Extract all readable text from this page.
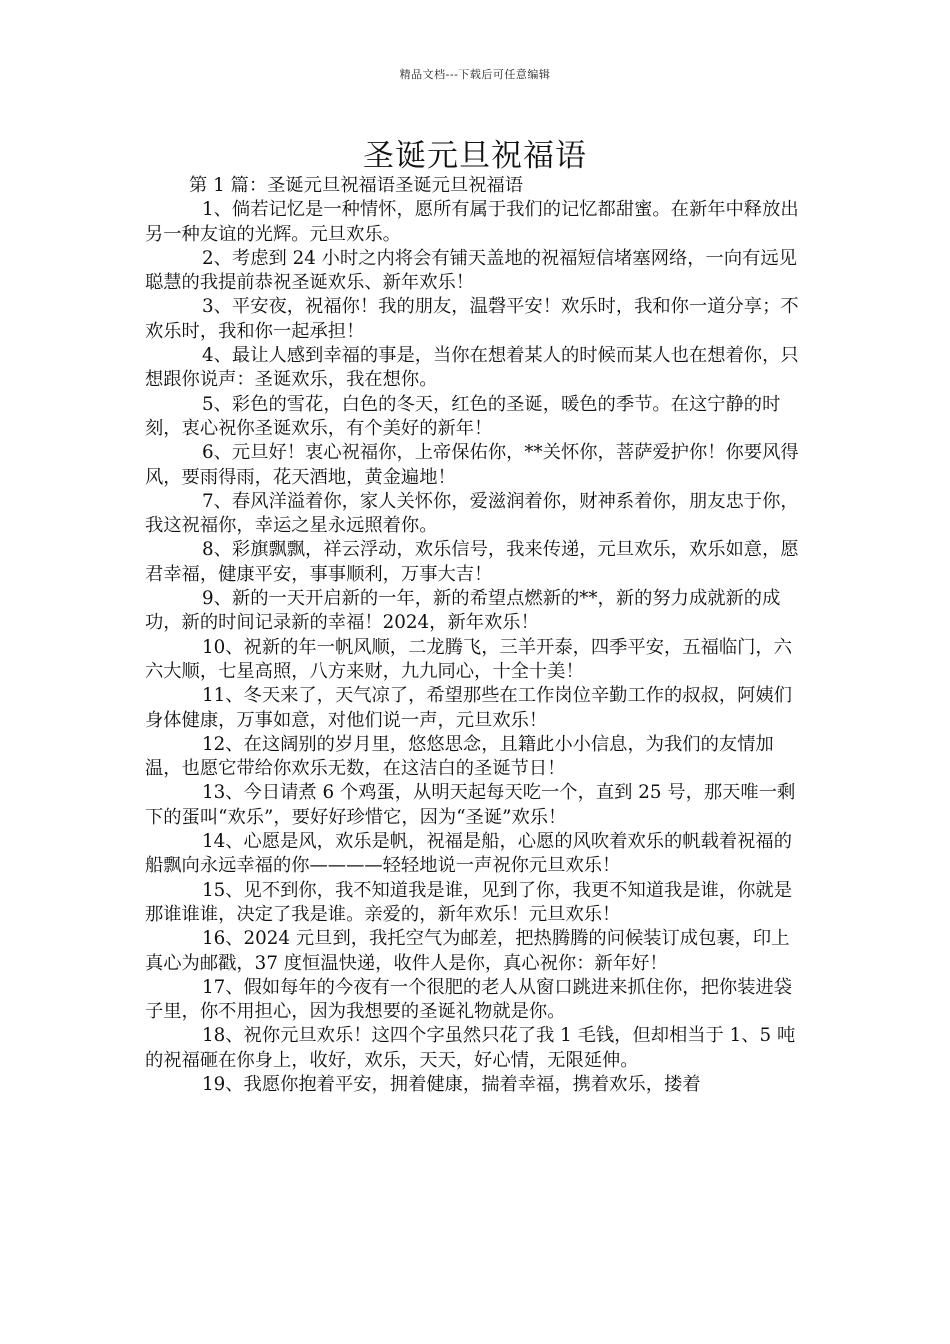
精品文档---下载后可任意编辑
圣诞元旦祝福语

第 1 篇：圣诞元旦祝福语圣诞元旦祝福语

1、倘若记忆是一种情怀，愿所有属于我们的记忆都甜蜜。在新年中释放出另一种友谊的光辉。元旦欢乐。

2、考虑到 24 小时之内将会有铺天盖地的祝福短信堵塞网络，一向有远见聪慧的我提前恭祝圣诞欢乐、新年欢乐！

3、平安夜，祝福你！我的朋友，温磬平安！欢乐时，我和你一道分享；不欢乐时，我和你一起承担！

4、最让人感到幸福的事是，当你在想着某人的时候而某人也在想着你，只想跟你说声：圣诞欢乐，我在想你。

5、彩色的雪花，白色的冬天，红色的圣诞，暖色的季节。在这宁静的时刻，衷心祝你圣诞欢乐，有个美好的新年！

6、元旦好！衷心祝福你，上帝保佑你，**关怀你，菩萨爱护你！你要风得风，要雨得雨，花天酒地，黄金遍地！

7、春风洋溢着你，家人关怀你，爱滋润着你，财神系着你，朋友忠于你，我这祝福你，幸运之星永远照着你。

8、彩旗飘飘，祥云浮动，欢乐信号，我来传递，元旦欢乐，欢乐如意，愿君幸福，健康平安，事事顺利，万事大吉！

9、新的一天开启新的一年，新的希望点燃新的**，新的努力成就新的成功，新的时间记录新的幸福！2024，新年欢乐！

10、祝新的年一帆风顺，二龙腾飞，三羊开泰，四季平安，五福临门，六六大顺，七星高照，八方来财，九九同心，十全十美！

11、冬天来了，天气凉了，希望那些在工作岗位辛勤工作的叔叔，阿姨们身体健康，万事如意，对他们说一声，元旦欢乐！

12、在这阔别的岁月里，悠悠思念，且籍此小小信息，为我们的友情加温，也愿它带给你欢乐无数，在这洁白的圣诞节日！

13、今日请煮 6 个鸡蛋，从明天起每天吃一个，直到 25 号，那天唯一剩下的蛋叫“欢乐”，要好好珍惜它，因为“圣诞”欢乐！

14、心愿是风，欢乐是帆，祝福是船，心愿的风吹着欢乐的帆载着祝福的船飘向永远幸福的你————轻轻地说一声祝你元旦欢乐！

15、见不到你，我不知道我是谁，见到了你，我更不知道我是谁，你就是那谁谁谁，决定了我是谁。亲爱的，新年欢乐！元旦欢乐！

16、2024 元旦到，我托空气为邮差，把热腾腾的问候装订成包裹，印上真心为邮戳，37 度恒温快递，收件人是你，真心祝你：新年好！

17、假如每年的今夜有一个很肥的老人从窗口跳进来抓住你，把你装进袋子里，你不用担心，因为我想要的圣诞礼物就是你。

18、祝你元旦欢乐！这四个字虽然只花了我 1 毛钱，但却相当于 1、5 吨的祝福砸在你身上，收好，欢乐，天天，好心情，无限延伸。

19、我愿你抱着平安，拥着健康，揣着幸福，携着欢乐，搂着
